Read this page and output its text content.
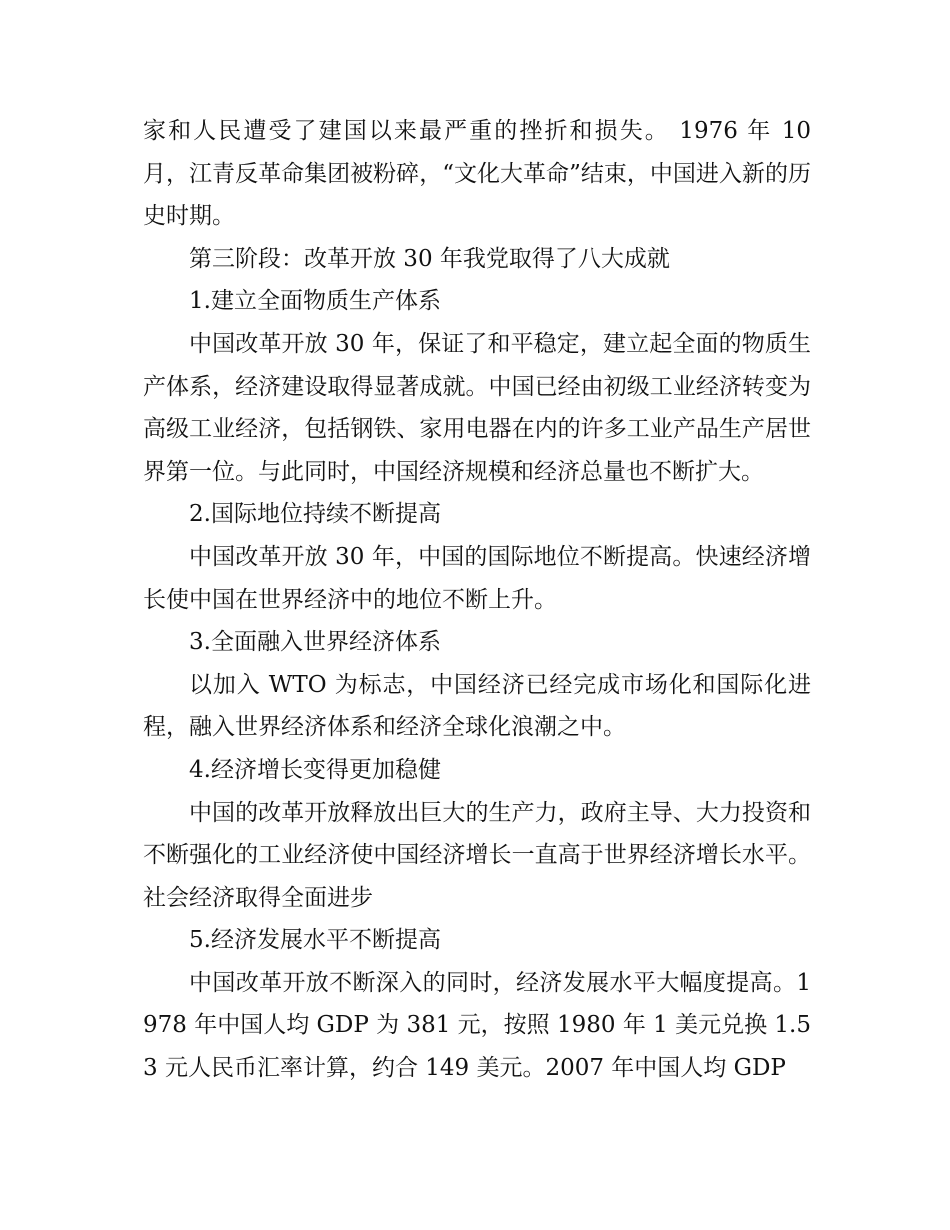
家和人民遭受了建国以来最严重的挫折和损失。 1976 年 10 月，江青反革命集团被粉碎，“文化大革命”结束，中国进入新的历史时期。

第三阶段：改革开放 30 年我党取得了八大成就

1.建立全面物质生产体系

中国改革开放 30 年，保证了和平稳定，建立起全面的物质生产体系，经济建设取得显著成就。中国已经由初级工业经济转变为高级工业经济，包括钢铁、家用电器在内的许多工业产品生产居世界第一位。与此同时，中国经济规模和经济总量也不断扩大。

2.国际地位持续不断提高

中国改革开放 30 年，中国的国际地位不断提高。快速经济增长使中国在世界经济中的地位不断上升。

3.全面融入世界经济体系

以加入 WTO 为标志，中国经济已经完成市场化和国际化进程，融入世界经济体系和经济全球化浪潮之中。

4.经济增长变得更加稳健

中国的改革开放释放出巨大的生产力，政府主导、大力投资和不断强化的工业经济使中国经济增长一直高于世界经济增长水平。社会经济取得全面进步

5.经济发展水平不断提高

中国改革开放不断深入的同时，经济发展水平大幅度提高。1978 年中国人均 GDP 为 381 元，按照 1980 年 1 美元兑换 1.53 元人民币汇率计算，约合 149 美元。2007 年中国人均 GDP
